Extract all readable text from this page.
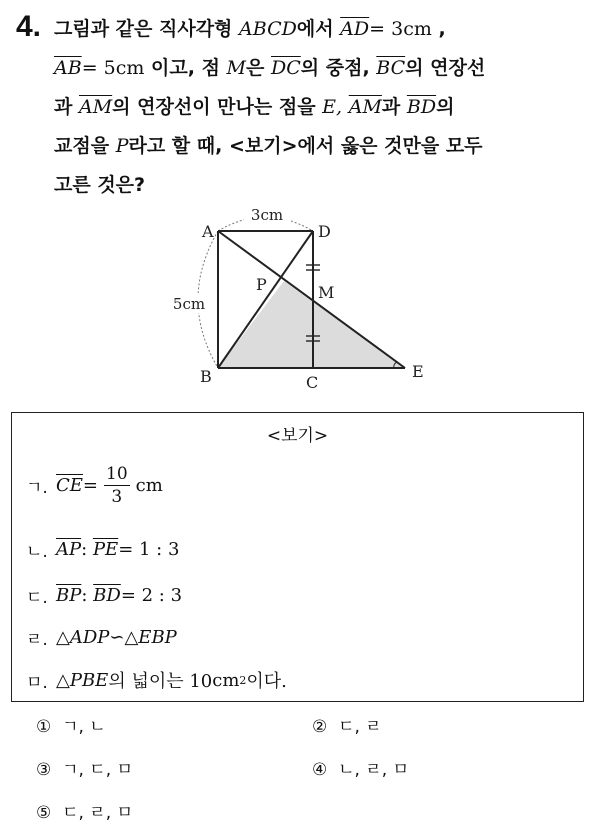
4. 그림과 같은 직사각형 ABCD에서 $\overline{AD}= 3cm$ ,
$\overline{AB}= 5cm$ 이고, 점 M은 $\overline{DC}$의 중점, $\overline{BC}$의 연장선
과 $\overline{AM}$의 연장선이 만나는 점을 E, $\overline{AM}$과 $\overline{BD}$의
교점을 P라고 할 때, <보기>에서 옳은 것만을 모두
고른 것은?
3cm
5cm
A	D
M
P
B	C
E
<보기>
ㄱ. $\overline{CE} = \frac{10}{3}$ cm
ㄴ. $\overline{AP}$ :
$\overline{PE} = 1$ : 3
ㄷ. $\overline{BP}$ :
$\overline{BD} = 2$ : 3
ㄹ. △ADP∽△EBP
ㅁ. △PBE 의 넓이는 10 cm 2 이다.
① ㄱ, ㄴ	② ㄷ, ㄹ
③ ㄱ, ㄷ, ㅁ	④ ㄴ, ㄹ, ㅁ
⑤ ㄷ, ㄹ, ㅁ
